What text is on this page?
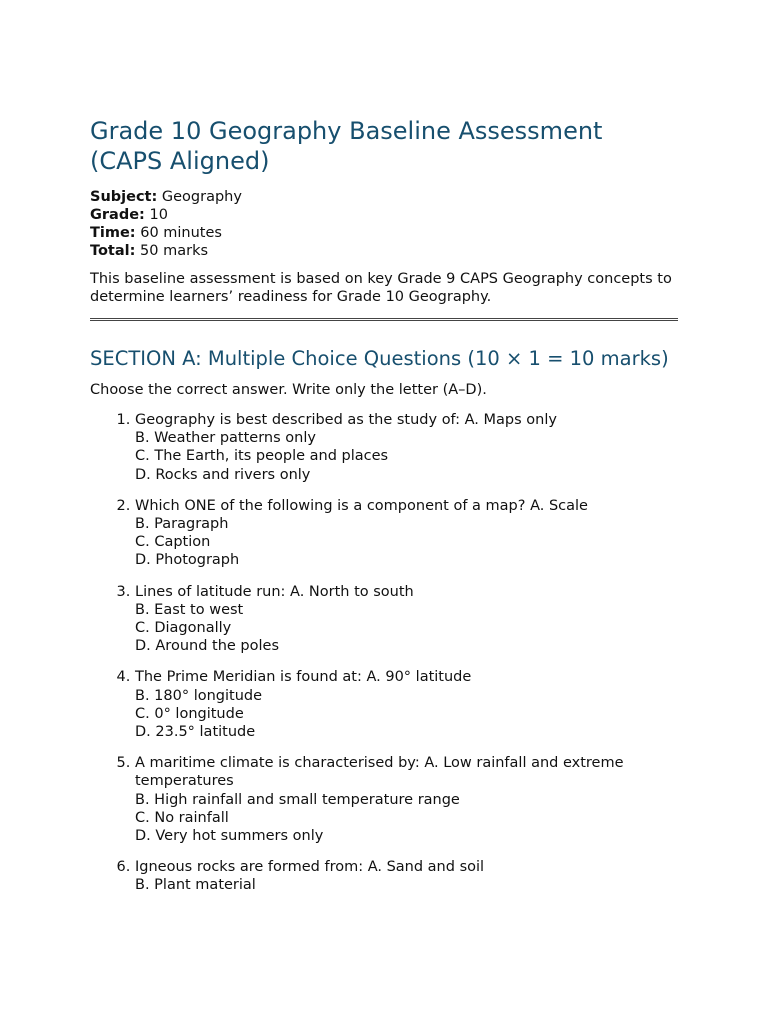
Grade 10 Geography Baseline Assessment (CAPS Aligned)
Subject: Geography
Grade: 10
Time: 60 minutes
Total: 50 marks

This baseline assessment is based on key Grade 9 CAPS Geography concepts to determine learners’ readiness for Grade 10 Geography.

SECTION A: Multiple Choice Questions (10 × 1 = 10 marks)

Choose the correct answer. Write only the letter (A–D).

1. Geography is best described as the study of: A. Maps only
B. Weather patterns only
C. The Earth, its people and places
D. Rocks and rivers only
2. Which ONE of the following is a component of a map? A. Scale
B. Paragraph
C. Caption
D. Photograph
3. Lines of latitude run: A. North to south
B. East to west
C. Diagonally
D. Around the poles
4. The Prime Meridian is found at: A. 90° latitude
B. 180° longitude
C. 0° longitude
D. 23.5° latitude
5. A maritime climate is characterised by: A. Low rainfall and extreme temperatures
B. High rainfall and small temperature range
C. No rainfall
D. Very hot summers only
6. Igneous rocks are formed from: A. Sand and soil
B. Plant material
